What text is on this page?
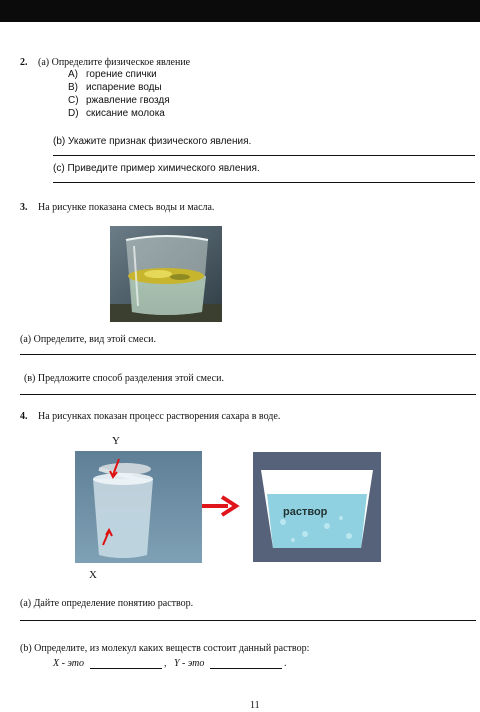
2. (а) Определите физическое явление
A) горение спички
B) испарение воды
C) ржавление гвоздя
D) скисание молока
(b) Укажите признак физического явления.
(c) Приведите пример химического явления.
3. На рисунке показана смесь воды и масла.
(а) Определите, вид этой смеси.
(в) Предложите способ разделения этой смеси.
4. На рисунках показан процесс растворения сахара в воде.
Y
раствор
X
(а) Дайте определение понятию раствор.
(b) Определите, из молекул каких веществ состоит данный раствор:
X - это	, Y - это	.
11
